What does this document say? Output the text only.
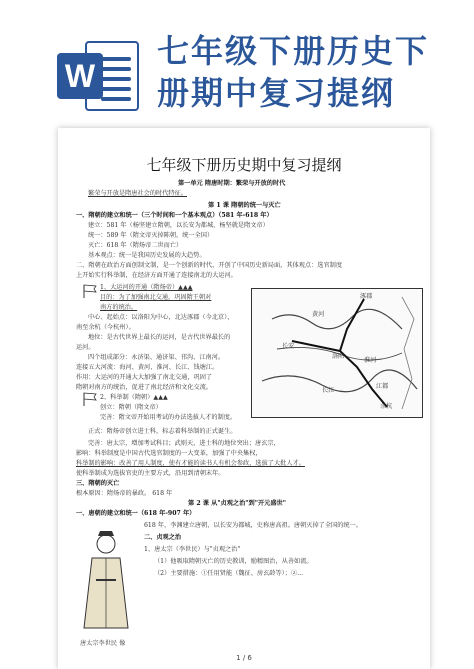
W
七年级下册历史下册期中复习提纲
七年级下册历史期中复习提纲
第一单元 隋唐时期：繁荣与开放的时代
繁荣与开放是隋唐社会的时代特征。
第 1 课 隋朝的统一与灭亡
一、隋朝的建立和统一（三个时间和一个基本观点）（581 年-618 年）
建立：581 年（杨坚建立隋朝，以长安为都城，杨坚就是隋文帝）
统一：589 年（隋文帝灭掉陈朝，统一全国）
灭亡：618 年（隋炀帝二世而亡）
基本观点：统一是我国历史发展的大趋势。
二、隋朝在政治方面创制文制，是一个创新的时代，开创了中国历史新局面，其体观点：选官制度
上开始实行科举制，在经济方面开通了连接南北的大运河。
1、大运河的开通（隋炀帝）▲▲▲
目的：为了加强南北交通，巩固隋王朝对
南方的统治。
中心、起始点：以洛阳为中心，北达涿郡（今北京），
南至余杭（今杭州）。
地位：是古代世界上最长的运河，是古代世界最长的
运河。
四个组成部分：永济渠、通济渠、邗沟、江南河。
连接五大河流：海河、黄河、淮河、长江、钱塘江。
作用：大运河的开通大大加强了南北交通，巩固了
隋朝对南方的统治，促进了南北经济和文化交流。
2、科举制（隋朝）▲▲▲
创立：隋朝（隋文帝）
完善：隋文帝开始用考试的办法选拔人才的制度。
正式：隋炀帝创立进士科，标志着科举制的正式诞生。
完善：唐太宗，增加考试科目；武则天，进士科的地位突出；唐玄宗，
影响：科举制度是中国古代选官制度的一大变革，加强了中央集权，
科举制的影响：改善了用人制度，使有才能的读书人有机会参政，选拔了大批人才。
使科举制成为选拔官吏的主要方式，沿用到清朝末年。
三、隋朝的灭亡
根本原因：隋炀帝的暴政。 618 年
第 2 课 从"贞观之治"到"开元盛世"
一、唐朝的建立和统一（618 年-907 年）
618 年，李渊建立唐朝，以长安为都城，史称唐高祖。唐朝灭掉了全国的统一。
二、贞观之治
1、唐太宗（李世民）与"贞观之治"
（1）他吸取隋朝灭亡的历史教训，励精图治，从善如流。
（2）主要措施：①任用贤能（魏征、房玄龄等）；②...
涿郡
黄河
洛阳
长安
淮河
长江
江都
余杭
唐太宗李世民 像
1 / 6
